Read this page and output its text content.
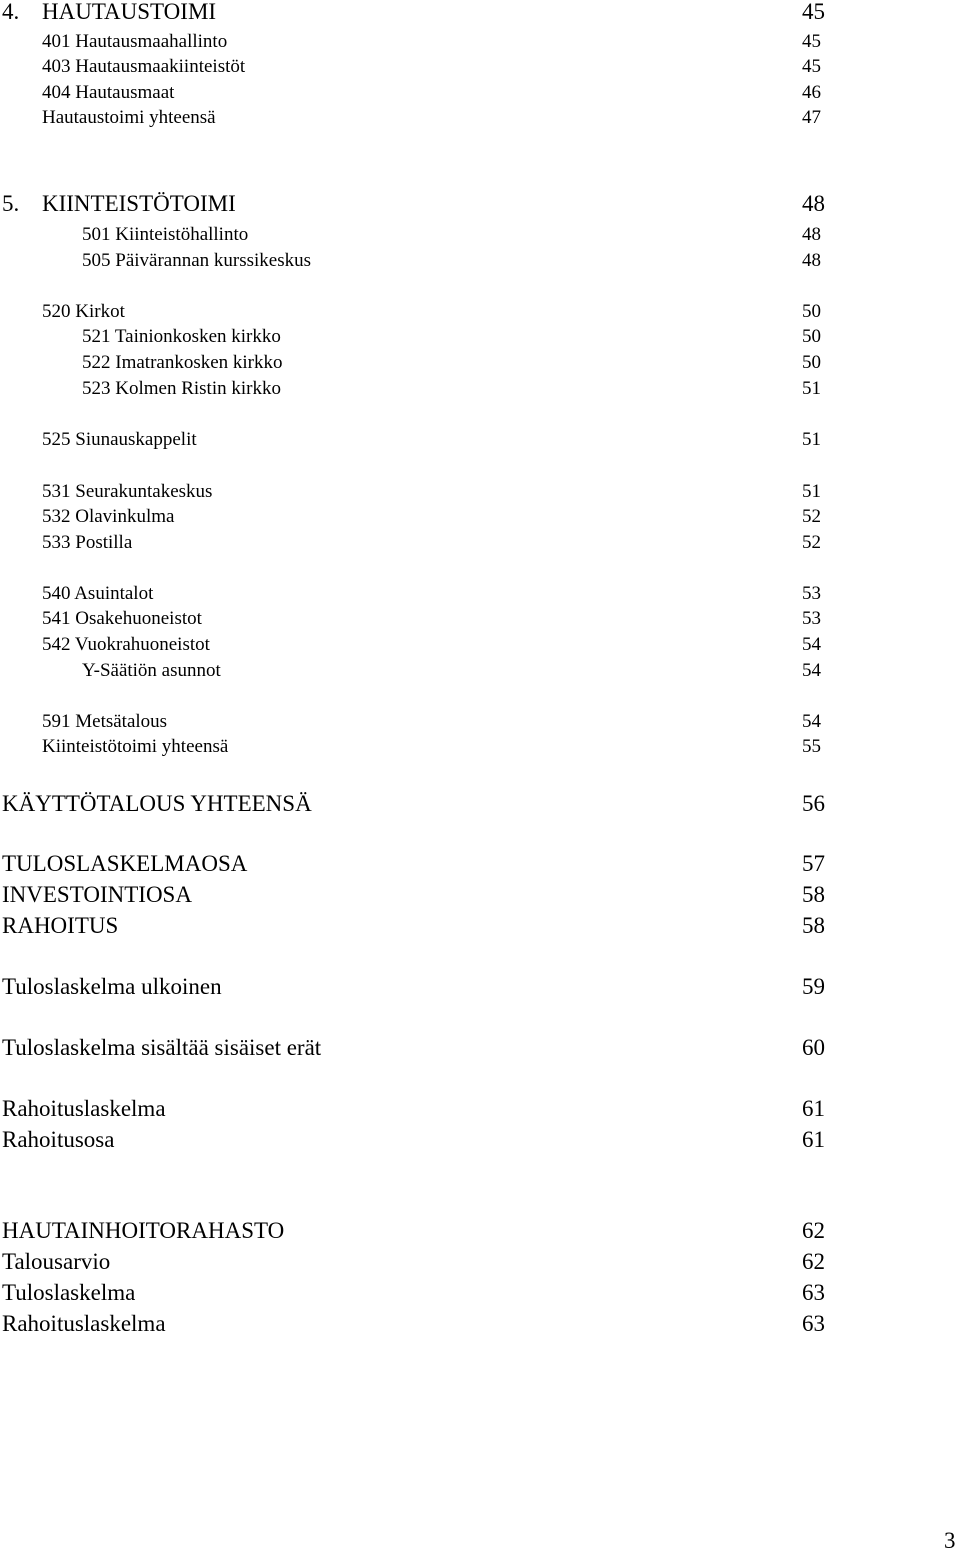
4. HAUTAUSTOIMI	45
401 Hautausmaahallinto	45
403 Hautausmaakiinteistöt	45
404 Hautausmaat	46
Hautaustoimi yhteensä	47
5. KIINTEISTÖTOIMI	48
501 Kiinteistöhallinto	48
505 Päivärannan kurssikeskus	48
520 Kirkot	50
521 Tainionkosken kirkko	50
522 Imatrankosken kirkko	50
523 Kolmen Ristin kirkko	51
525 Siunauskappelit	51
531 Seurakuntakeskus	51
532 Olavinkulma	52
533 Postilla	52
540 Asuintalot	53
541 Osakehuoneistot	53
542 Vuokrahuoneistot	54
Y-Säätiön asunnot	54
591 Metsätalous	54
Kiinteistötoimi yhteensä	55
KÄYTTÖTALOUS YHTEENSÄ	56
TULOSLASKELMAOSA	57
INVESTOINTIOSA	58
RAHOITUS	58
Tuloslaskelma ulkoinen	59
Tuloslaskelma sisältää sisäiset erät	60
Rahoituslaskelma	61
Rahoitusosa	61
HAUTAINHOITORAHASTO	62
Talousarvio	62
Tuloslaskelma	63
Rahoituslaskelma	63
3
